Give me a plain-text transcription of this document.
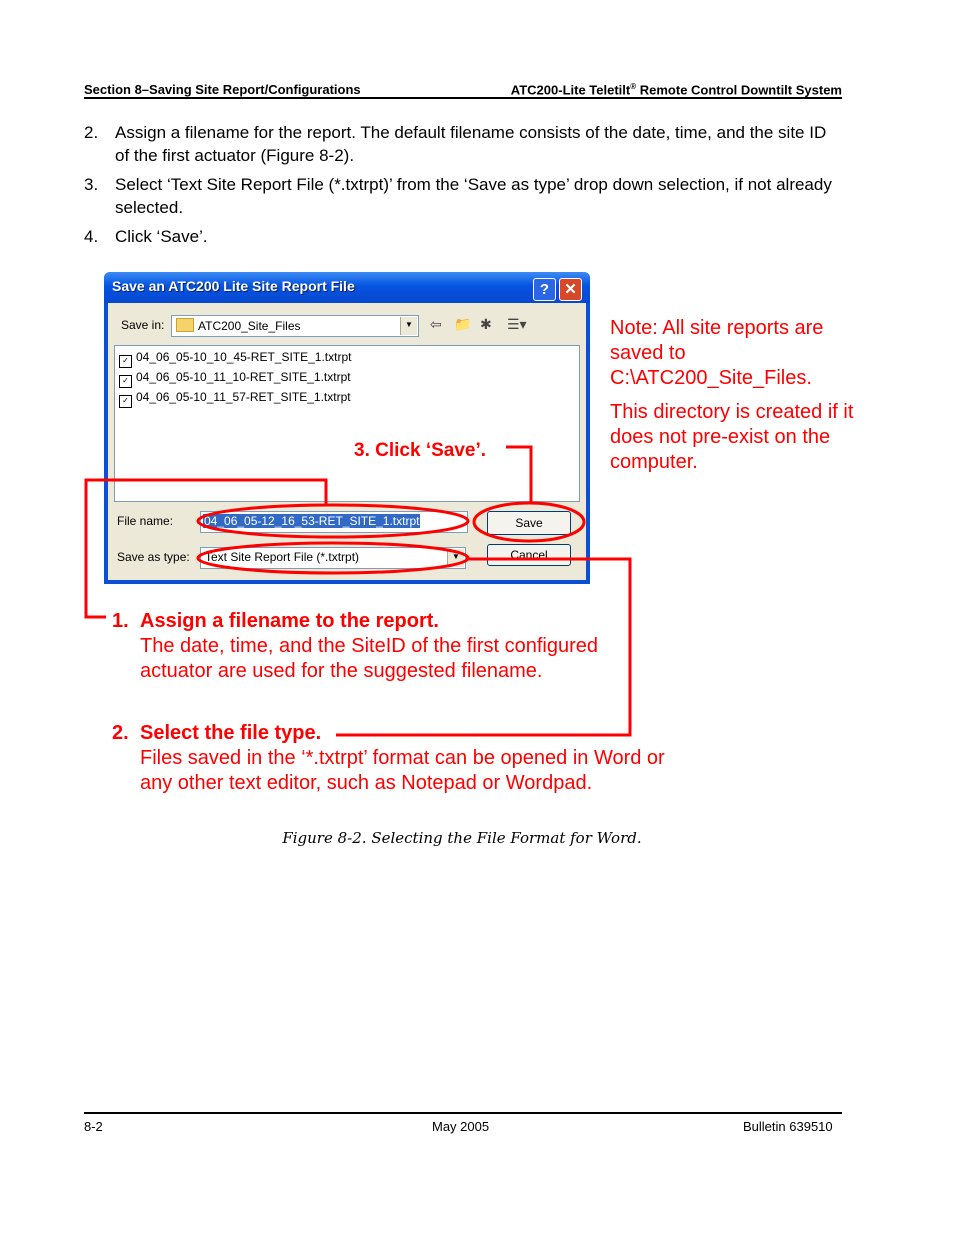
Section 8–Saving Site Report/Configurations	ATC200-Lite Teletilt® Remote Control Downtilt System
2. Assign a filename for the report. The default filename consists of the date, time, and the site ID of the first actuator (Figure 8-2).
3. Select ‘Text Site Report File (*.txtrpt)’ from the ‘Save as type’ drop down selection, if not already selected.
4. Click ‘Save’.
Save an ATC200 Lite Site Report File	?	✕
Save in:	ATC200_Site_Files	▼ ⇦ 📁 ✱ ☰▾
✓ 04_06_05-10_10_45-RET_SITE_1.txtrpt
✓ 04_06_05-10_11_10-RET_SITE_1.txtrpt
✓ 04_06_05-10_11_57-RET_SITE_1.txtrpt
File name:	04_06_05-12_16_53-RET_SITE_1.txtrpt
Save as type: Text Site Report File (*.txtrpt)	▼
Save
Cancel
3. Click ‘Save’.

Note: All site reports are saved to C:\ATC200_Site_Files.

This directory is created if it does not pre-exist on the computer.

1. Assign a filename to the report.
The date, time, and the SiteID of the first configured actuator are used for the suggested filename.
2. Select the file type.
Files saved in the ‘*.txtrpt’ format can be opened in Word or any other text editor, such as Notepad or Wordpad.
Figure 8-2. Selecting the File Format for Word.
8-2	May 2005	Bulletin 639510
